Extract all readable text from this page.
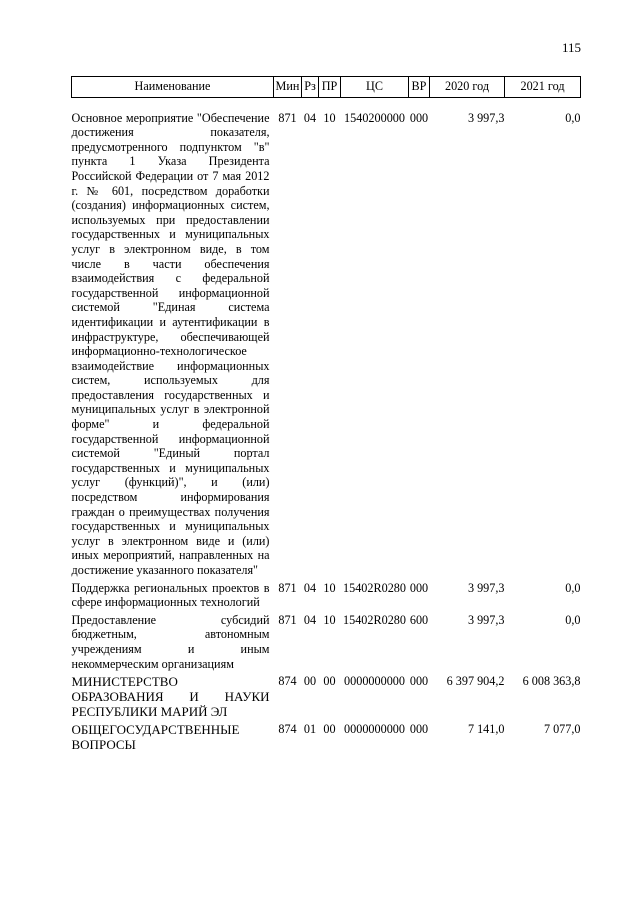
115
Наименование	Мин	Рз	ПР	ЦС	ВР	2020 год	2021 год
Основное мероприятие "Обеспечение достижения показателя, предусмотренного подпунктом "в" пункта 1 Указа Президента Российской Федерации от 7 мая 2012 г. № 601, посредством доработки (создания) информационных систем, используемых при предоставлении государственных и муниципальных услуг в электронном виде, в том числе в части обеспечения взаимодействия с федеральной государственной информационной системой "Единая система идентификации и аутентификации в инфраструктуре, обеспечивающей информационно-технологическое взаимодействие информационных систем, используемых для предоставления государственных и муниципальных услуг в электронной форме" и федеральной государственной информационной системой "Единый портал государственных и муниципальных услуг (функций)", и (или) посредством информирования граждан о преимуществах получения государственных и муниципальных услуг в электронном виде и (или) иных мероприятий, направленных на достижение указанного показателя"	871	04	10	1540200000	000	3 997,3	0,0
Поддержка региональных проектов в сфере информационных технологий	871	04	10	15402R0280	000	3 997,3	0,0
Предоставление субсидий бюджетным, автономным учреждениям и иным некоммерческим организациям	871	04	10	15402R0280	600	3 997,3	0,0
МИНИСТЕРСТВО ОБРАЗОВАНИЯ И НАУКИ РЕСПУБЛИКИ МАРИЙ ЭЛ	874	00	00	0000000000	000	6 397 904,2	6 008 363,8
ОБЩЕГОСУДАРСТВЕННЫЕ ВОПРОСЫ	874	01	00	0000000000	000	7 141,0	7 077,0
